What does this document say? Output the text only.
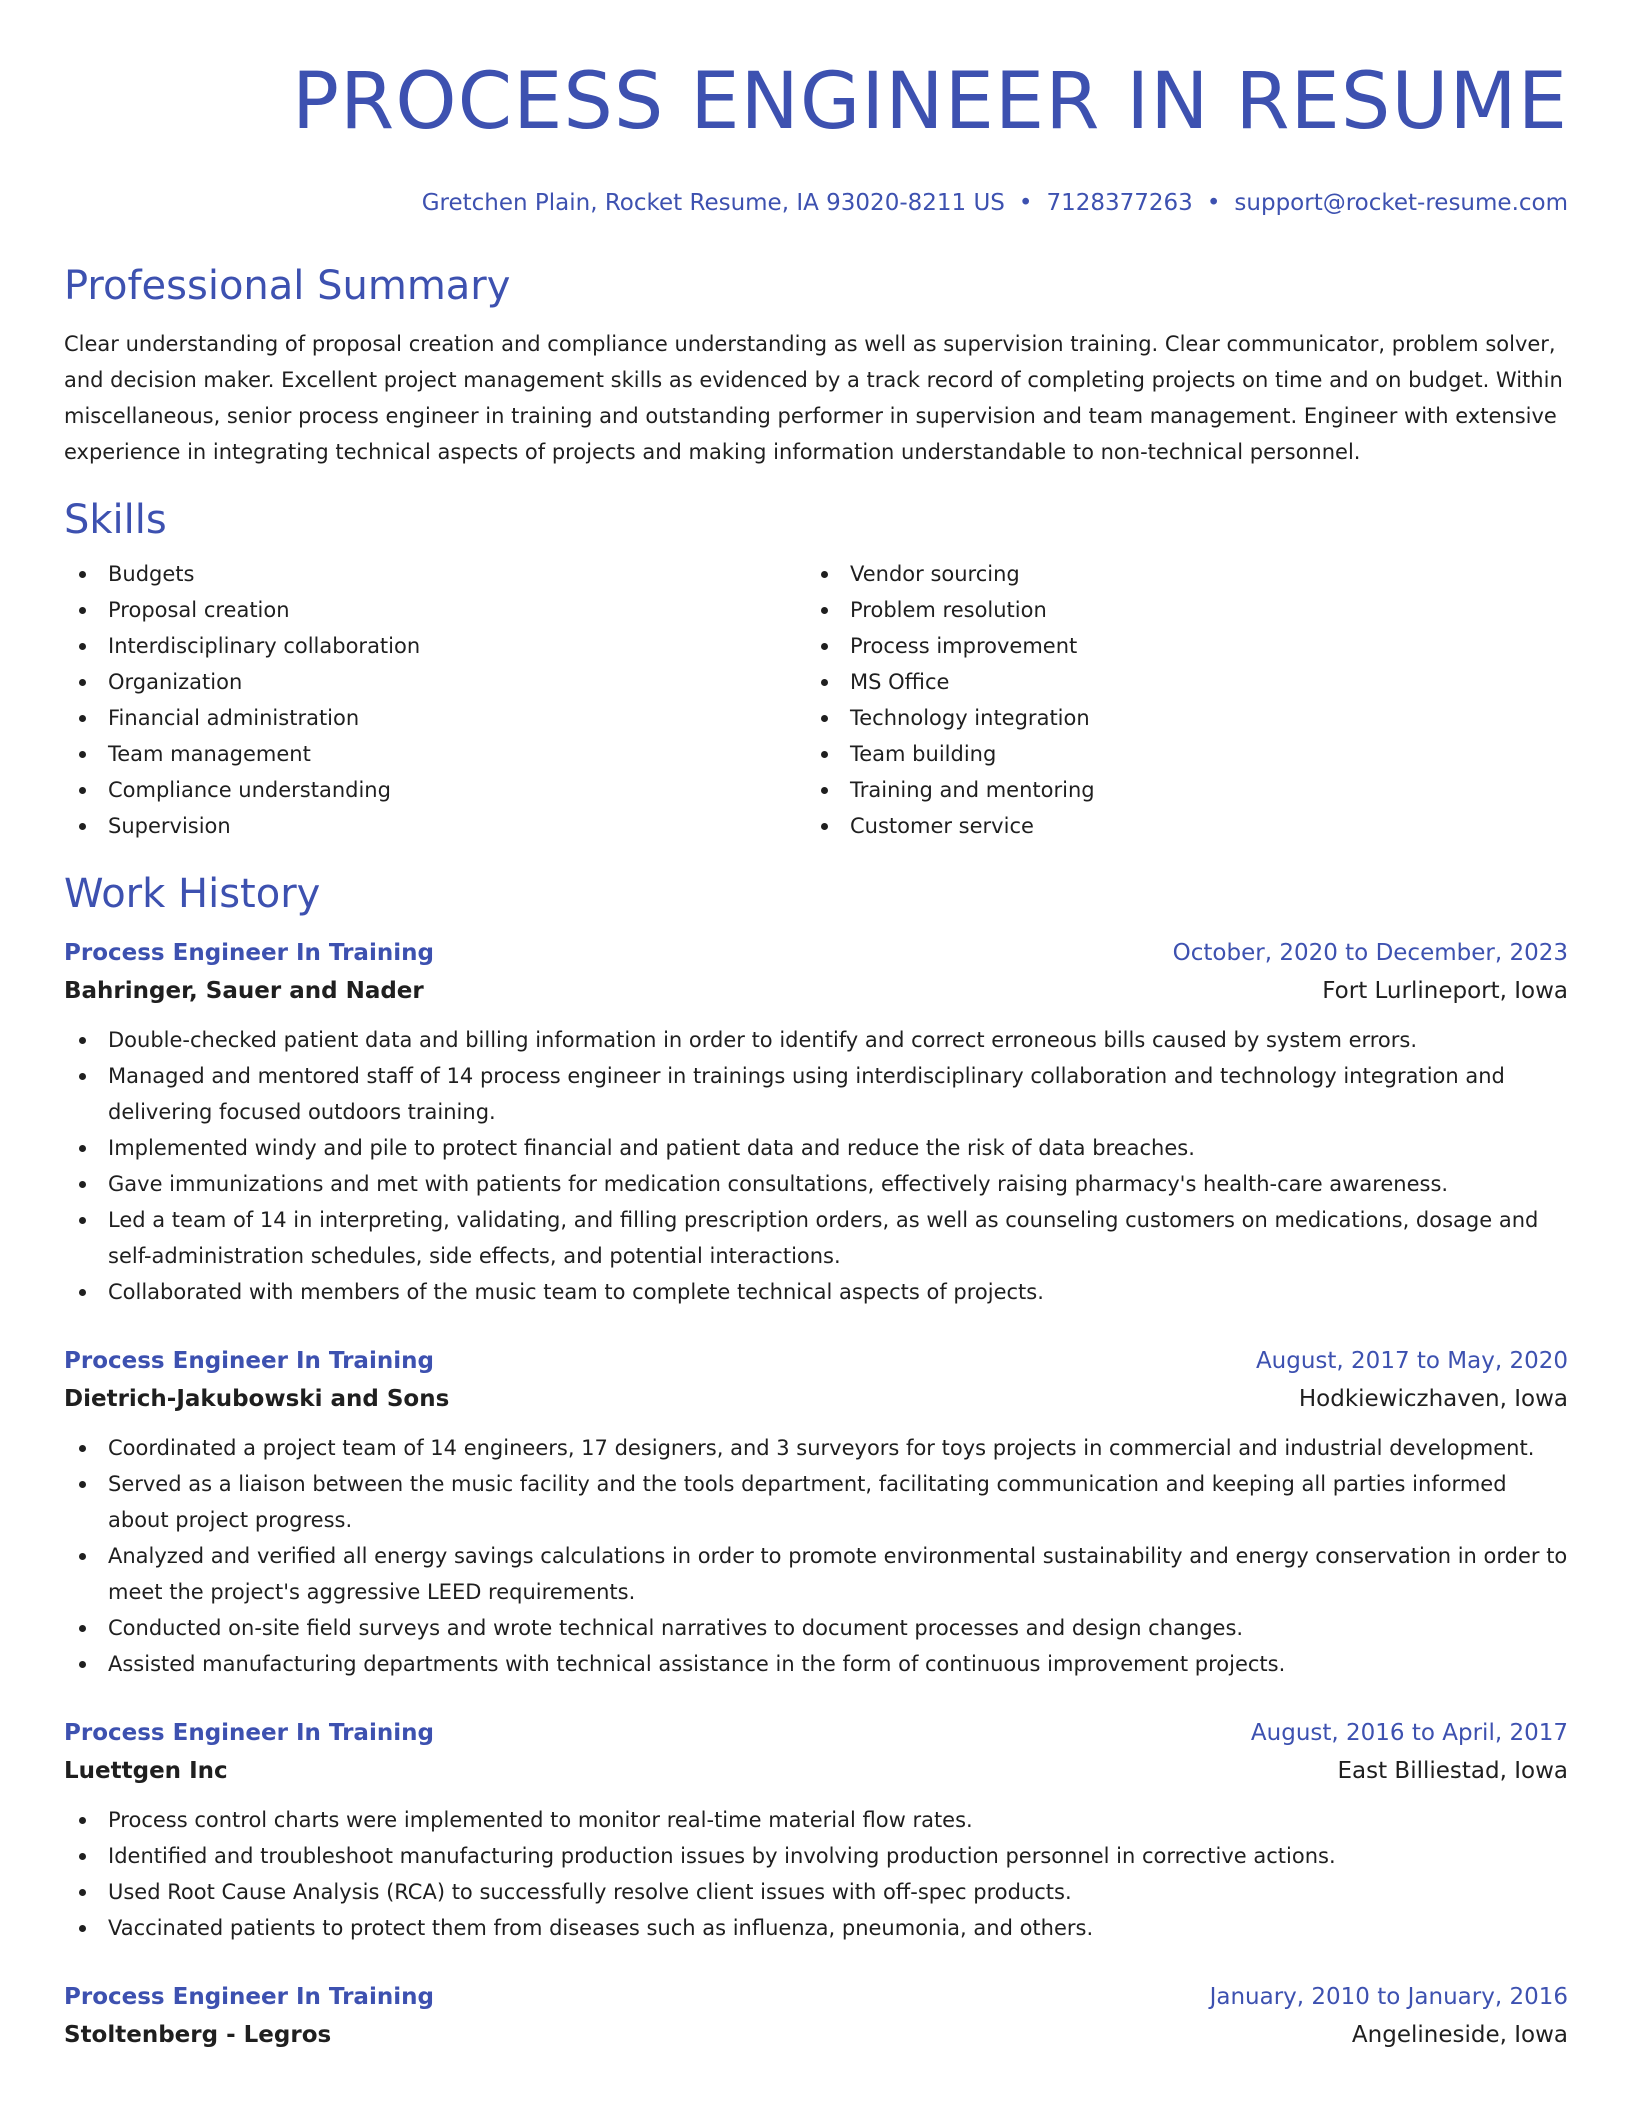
PROCESS ENGINEER IN RESUME
Gretchen Plain, Rocket Resume, IA 93020-8211 US • 7128377263 • support@rocket-resume.com
Professional Summary
Clear understanding of proposal creation and compliance understanding as well as supervision training. Clear communicator, problem solver, and decision maker. Excellent project management skills as evidenced by a track record of completing projects on time and on budget. Within miscellaneous, senior process engineer in training and outstanding performer in supervision and team management. Engineer with extensive experience in integrating technical aspects of projects and making information understandable to non-technical personnel.
Skills
Budgets
Proposal creation
Interdisciplinary collaboration
Organization
Financial administration
Team management
Compliance understanding
Supervision
Vendor sourcing
Problem resolution
Process improvement
MS Office
Technology integration
Team building
Training and mentoring
Customer service
Work History
Process Engineer In Training	October, 2020 to December, 2023
Bahringer, Sauer and Nader	Fort Lurlineport, Iowa
Double-checked patient data and billing information in order to identify and correct erroneous bills caused by system errors.
Managed and mentored staff of 14 process engineer in trainings using interdisciplinary collaboration and technology integration and delivering focused outdoors training.
Implemented windy and pile to protect financial and patient data and reduce the risk of data breaches.
Gave immunizations and met with patients for medication consultations, effectively raising pharmacy's health-care awareness.
Led a team of 14 in interpreting, validating, and filling prescription orders, as well as counseling customers on medications, dosage and self-administration schedules, side effects, and potential interactions.
Collaborated with members of the music team to complete technical aspects of projects.
Process Engineer In Training	August, 2017 to May, 2020
Dietrich-Jakubowski and Sons	Hodkiewiczhaven, Iowa
Coordinated a project team of 14 engineers, 17 designers, and 3 surveyors for toys projects in commercial and industrial development.
Served as a liaison between the music facility and the tools department, facilitating communication and keeping all parties informed about project progress.
Analyzed and verified all energy savings calculations in order to promote environmental sustainability and energy conservation in order to meet the project's aggressive LEED requirements.
Conducted on-site field surveys and wrote technical narratives to document processes and design changes.
Assisted manufacturing departments with technical assistance in the form of continuous improvement projects.
Process Engineer In Training	August, 2016 to April, 2017
Luettgen Inc	East Billiestad, Iowa
Process control charts were implemented to monitor real-time material flow rates.
Identified and troubleshoot manufacturing production issues by involving production personnel in corrective actions.
Used Root Cause Analysis (RCA) to successfully resolve client issues with off-spec products.
Vaccinated patients to protect them from diseases such as influenza, pneumonia, and others.
Process Engineer In Training	January, 2010 to January, 2016
Stoltenberg - Legros	Angelineside, Iowa
